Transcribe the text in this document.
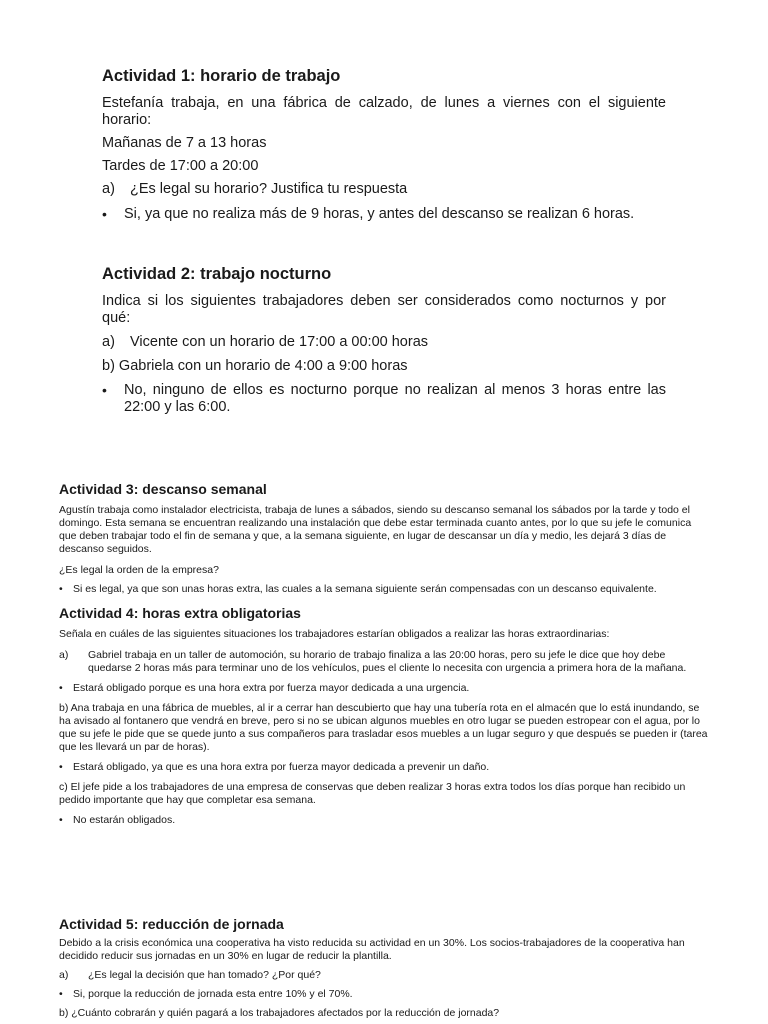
Actividad 1: horario de trabajo

Estefanía trabaja, en una fábrica de calzado, de lunes a viernes con el siguiente horario:

Mañanas de 7 a 13 horas

Tardes de 17:00 a 20:00

a)	¿Es legal su horario? Justifica tu respuesta
•	Si, ya que no realiza más de 9 horas, y antes del descanso se realizan 6 horas.
Actividad 2: trabajo nocturno

Indica si los siguientes trabajadores deben ser considerados como nocturnos y por qué:

a)	Vicente con un horario de 17:00 a 00:00 horas

b) Gabriela con un horario de 4:00 a 9:00 horas

•	No, ninguno de ellos es nocturno porque no realizan al menos 3 horas entre las 22:00 y las 6:00.
Actividad 3: descanso semanal

Agustín trabaja como instalador electricista, trabaja de lunes a sábados, siendo su descanso semanal los sábados por la tarde y todo el domingo. Esta semana se encuentran realizando una instalación que debe estar terminada cuanto antes, por lo que su jefe le comunica que deben trabajar todo el fin de semana y que, a la semana siguiente, en lugar de descansar un día y medio, les dejará 3 días de descanso seguidos.

¿Es legal la orden de la empresa?

• Si es legal, ya que son unas horas extra, las cuales a la semana siguiente serán compensadas con un descanso equivalente.
Actividad 4: horas extra obligatorias

Señala en cuáles de las siguientes situaciones los trabajadores estarían obligados a realizar las horas extraordinarias:

a)	Gabriel trabaja en un taller de automoción, su horario de trabajo finaliza a las 20:00 horas, pero su jefe le dice que hoy debe quedarse 2 horas más para terminar uno de los vehículos, pues el cliente lo necesita con urgencia a primera hora de la mañana.
• Estará obligado porque es una hora extra por fuerza mayor dedicada a una urgencia.

b) Ana trabaja en una fábrica de muebles, al ir a cerrar han descubierto que hay una tubería rota en el almacén que lo está inundando, se ha avisado al fontanero que vendrá en breve, pero si no se ubican algunos muebles en otro lugar se pueden estropear con el agua, por lo que su jefe le pide que se quede junto a sus compañeros para trasladar esos muebles a un lugar seguro y que después se pueden ir (tarea que les llevará un par de horas).

• Estará obligado, ya que es una hora extra por fuerza mayor dedicada a prevenir un daño.

c) El jefe pide a los trabajadores de una empresa de conservas que deben realizar 3 horas extra todos los días porque han recibido un pedido importante que hay que completar esa semana.

• No estarán obligados.
Actividad 5: reducción de jornada

Debido a la crisis económica una cooperativa ha visto reducida su actividad en un 30%. Los socios-trabajadores de la cooperativa han decidido reducir sus jornadas en un 30% en lugar de reducir la plantilla.

a)	¿Es legal la decisión que han tomado? ¿Por qué?
• Si, porque la reducción de jornada esta entre 10% y el 70%.

b) ¿Cuánto cobrarán y quién pagará a los trabajadores afectados por la reducción de jornada?
